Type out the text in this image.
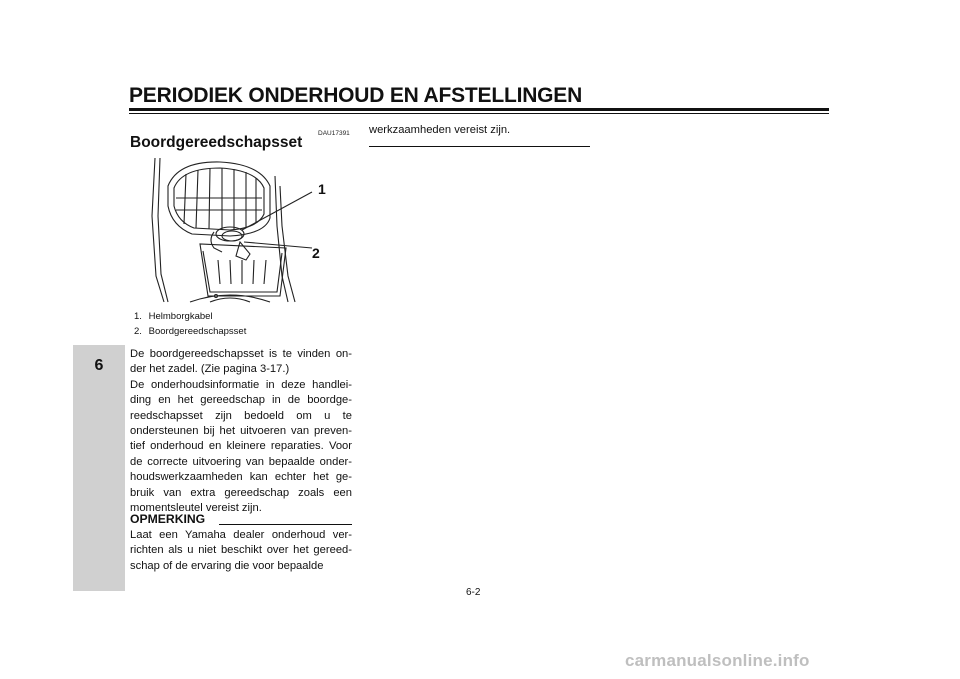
PERIODIEK ONDERHOUD EN AFSTELLINGEN
6
DAU17391
Boordgereedschapsset
1
2
1. Helmborgkabel
2. Boordgereedschapsset

De boordgereedschapsset is te vinden on-der het zadel. (Zie pagina 3-17.)

De onderhoudsinformatie in deze handlei-ding en het gereedschap in de boordge-reedschapsset zijn bedoeld om u te ondersteunen bij het uitvoeren van preven-tief onderhoud en kleinere reparaties. Voor de correcte uitvoering van bepaalde onder-houdswerkzaamheden kan echter het ge-bruik van extra gereedschap zoals een momentsleutel vereist zijn.

OPMERKING
Laat een Yamaha dealer onderhoud ver-richten als u niet beschikt over het gereed-schap of de ervaring die voor bepaalde
werkzaamheden vereist zijn.
6-2
carmanualsonline.info
